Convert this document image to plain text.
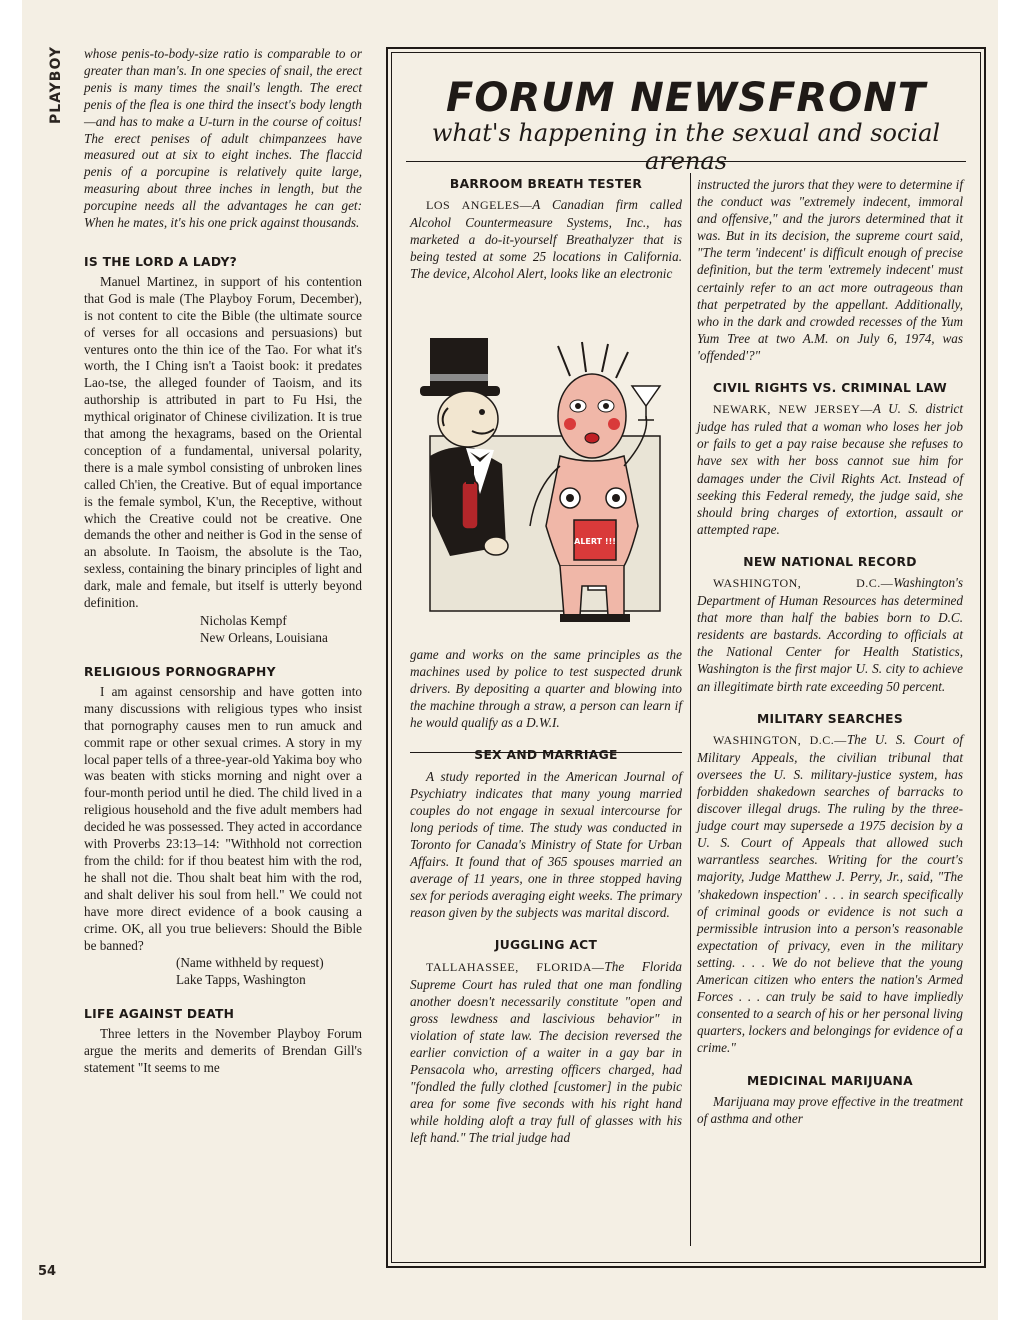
PLAYBOY
54

whose penis-to-body-size ratio is comparable to or greater than man's. In one species of snail, the erect penis is many times the snail's length. The erect penis of the flea is one third the insect's body length—and has to make a U-turn in the course of coitus! The erect penises of adult chimpanzees have measured out at six to eight inches. The flaccid penis of a porcupine is relatively quite large, measuring about three inches in length, but the porcupine needs all the advantages he can get: When he mates, it's his one prick against thousands.

IS THE LORD A LADY?

Manuel Martinez, in support of his contention that God is male (The Playboy Forum, December), is not content to cite the Bible (the ultimate source of verses for all occasions and persuasions) but ventures onto the thin ice of the Tao. For what it's worth, the I Ching isn't a Taoist book: it predates Lao-tse, the alleged founder of Taoism, and its authorship is attributed in part to Fu Hsi, the mythical originator of Chinese civilization. It is true that among the hexagrams, based on the Oriental conception of a fundamental, universal polarity, there is a male symbol consisting of unbroken lines called Ch'ien, the Creative. But of equal importance is the female symbol, K'un, the Receptive, without which the Creative could not be creative. One demands the other and neither is God in the sense of an absolute. In Taoism, the absolute is the Tao, sexless, containing the binary principles of light and dark, male and female, but itself is utterly beyond definition.

Nicholas Kempf
New Orleans, Louisiana
RELIGIOUS PORNOGRAPHY

I am against censorship and have gotten into many discussions with religious types who insist that pornography causes men to run amuck and commit rape or other sexual crimes. A story in my local paper tells of a three-year-old Yakima boy who was beaten with sticks morning and night over a four-month period until he died. The child lived in a religious household and the five adult members had decided he was possessed. They acted in accordance with Proverbs 23:13–14: "Withhold not correction from the child: for if thou beatest him with the rod, he shall not die. Thou shalt beat him with the rod, and shalt deliver his soul from hell." We could not have more direct evidence of a book causing a crime. OK, all you true believers: Should the Bible be banned?

(Name withheld by request)
Lake Tapps, Washington
LIFE AGAINST DEATH

Three letters in the November Playboy Forum argue the merits and demerits of Brendan Gill's statement "It seems to me

FORUM NEWSFRONT
what's happening in the sexual and social arenas
BARROOM BREATH TESTER

LOS ANGELES—A Canadian firm called Alcohol Countermeasure Systems, Inc., has marketed a do-it-yourself Breathalyzer that is being tested at some 25 locations in California. The device, Alcohol Alert, looks like an electronic

ALERT !!!

game and works on the same principles as the machines used by police to test suspected drunk drivers. By depositing a quarter and blowing into the machine through a straw, a person can learn if he would qualify as a D.W.I.

SEX AND MARRIAGE

A study reported in the American Journal of Psychiatry indicates that many young married couples do not engage in sexual intercourse for long periods of time. The study was conducted in Toronto for Canada's Ministry of State for Urban Affairs. It found that of 365 spouses married an average of 11 years, one in three stopped having sex for periods averaging eight weeks. The primary reason given by the subjects was marital discord.

JUGGLING ACT

TALLAHASSEE, FLORIDA—The Florida Supreme Court has ruled that one man fondling another doesn't necessarily constitute "open and gross lewdness and lascivious behavior" in violation of state law. The decision reversed the earlier conviction of a waiter in a gay bar in Pensacola who, arresting officers charged, had "fondled the fully clothed [customer] in the pubic area for some five seconds with his right hand while holding aloft a tray full of glasses with his left hand." The trial judge had

instructed the jurors that they were to determine if the conduct was "extremely indecent, immoral and offensive," and the jurors determined that it was. But in its decision, the supreme court said, "The term 'indecent' is difficult enough of precise definition, but the term 'extremely indecent' must certainly refer to an act more outrageous than that perpetrated by the appellant. Additionally, who in the dark and crowded recesses of the Yum Yum Tree at two A.M. on July 6, 1974, was 'offended'?"

CIVIL RIGHTS VS. CRIMINAL LAW

NEWARK, NEW JERSEY—A U. S. district judge has ruled that a woman who loses her job or fails to get a pay raise because she refuses to have sex with her boss cannot sue him for damages under the Civil Rights Act. Instead of seeking this Federal remedy, the judge said, she should bring charges of extortion, assault or attempted rape.

NEW NATIONAL RECORD

WASHINGTON, D.C.—Washington's Department of Human Resources has determined that more than half the babies born to D.C. residents are bastards. According to officials at the National Center for Health Statistics, Washington is the first major U. S. city to achieve an illegitimate birth rate exceeding 50 percent.

MILITARY SEARCHES

WASHINGTON, D.C.—The U. S. Court of Military Appeals, the civilian tribunal that oversees the U. S. military-justice system, has forbidden shakedown searches of barracks to discover illegal drugs. The ruling by the three-judge court may supersede a 1975 decision by a U. S. Court of Appeals that allowed such warrantless searches. Writing for the court's majority, Judge Matthew J. Perry, Jr., said, "The 'shakedown inspection' . . . in search specifically of criminal goods or evidence is not such a permissible intrusion into a person's reasonable expectation of privacy, even in the military setting. . . . We do not believe that the young American citizen who enters the nation's Armed Forces . . . can truly be said to have impliedly consented to a search of his or her personal living quarters, lockers and belongings for evidence of a crime."

MEDICINAL MARIJUANA

Marijuana may prove effective in the treatment of asthma and other
